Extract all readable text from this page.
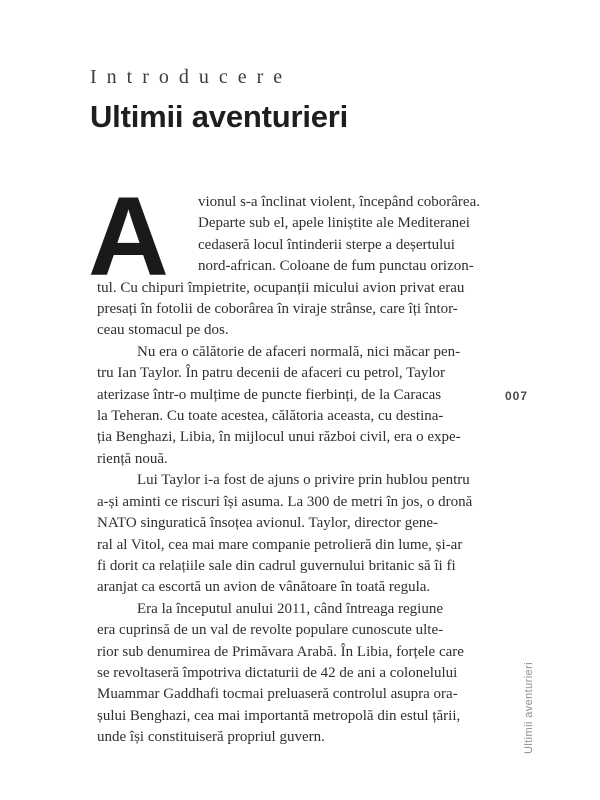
Introducere
Ultimii aventurieri
A vionul s-a înclinat violent, începând coborârea.
Departe sub el, apele liniștite ale Mediteranei
cedaseră locul întinderii sterpe a deșertului
nord-african. Coloane de fum punctau orizon-
tul. Cu chipuri împietrite, ocupanții micului avion privat erau
presați în fotolii de coborârea în viraje strânse, care îți întor-
ceau stomacul pe dos.
Nu era o călătorie de afaceri normală, nici măcar pen-
tru Ian Taylor. În patru decenii de afaceri cu petrol, Taylor
aterizase într-o mulțime de puncte fierbinți, de la Caracas
la Teheran. Cu toate acestea, călătoria aceasta, cu destina-
ția Benghazi, Libia, în mijlocul unui război civil, era o expe-
riență nouă.
Lui Taylor i-a fost de ajuns o privire prin hublou pentru
a-și aminti ce riscuri își asuma. La 300 de metri în jos, o dronă
NATO singuratică însoțea avionul. Taylor, director gene-
ral al Vitol, cea mai mare companie petrolieră din lume, și-ar
fi dorit ca relațiile sale din cadrul guvernului britanic să îi fi
aranjat ca escortă un avion de vânătoare în toată regula.
Era la începutul anului 2011, când întreaga regiune
era cuprinsă de un val de revolte populare cunoscute ulte-
rior sub denumirea de Primăvara Arabă. În Libia, forțele care
se revoltaseră împotriva dictaturii de 42 de ani a colonelului
Muammar Gaddhafi tocmai preluaseră controlul asupra ora-
șului Benghazi, cea mai importantă metropolă din estul țării,
unde își constituiseră propriul guvern.
007
Ultimii aventurieri
